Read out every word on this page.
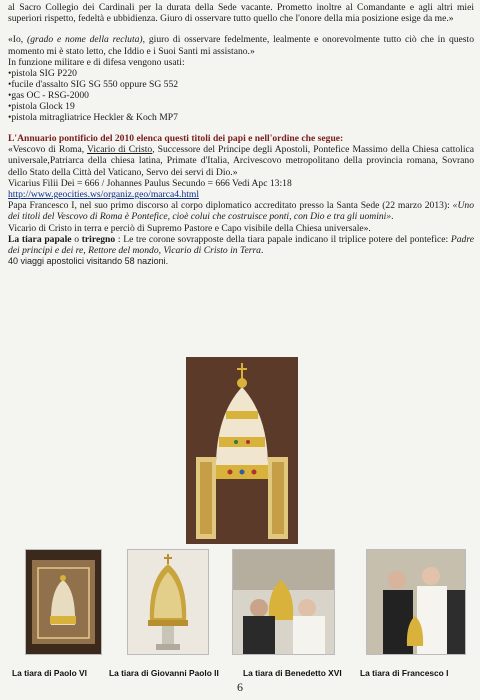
al Sacro Collegio dei Cardinali per la durata della Sede vacante. Prometto inoltre al Comandante e agli altri miei superiori rispetto, fedeltà e ubbidienza. Giuro di osservare tutto quello che l'onore della mia posizione esige da me.»

«Io, (grado e nome della recluta), giuro di osservare fedelmente, lealmente e onorevolmente tutto ciò che in questo momento mi è stato letto, che Iddio e i Suoi Santi mi assistano.»

In funzione militare e di difesa vengono usati:

•pistola SIG P220
•fucile d'assalto SIG SG 550 oppure SG 552
•gas OC - RSG-2000
•pistola Glock 19
•pistola mitragliatrice Heckler & Koch MP7

L'Annuario pontificio del 2010 elenca questi titoli dei papi e nell'ordine che segue:

«Vescovo di Roma, Vicario di Cristo, Successore del Principe degli Apostoli, Pontefice Massimo della Chiesa cattolica universale,Patriarca della chiesa latina, Primate d'Italia, Arcivescovo metropolitano della provincia romana, Sovrano dello Stato della Città del Vaticano, Servo dei servi di Dio.»

Vicarius Filii Dei = 666 / Johannes Paulus Secundo = 666 Vedi Apc 13:18

http://www.geocities.ws/organiz.geo/marca4.html

Papa Francesco I, nel suo primo discorso al corpo diplomatico accreditato presso la Santa Sede (22 marzo 2013): «Uno dei titoli del Vescovo di Roma è Pontefice, cioè colui che costruisce ponti, con Dio e tra gli uomini».

Vicario di Cristo in terra e perciò di Supremo Pastore e Capo visibile della Chiesa universale».

La tiara papale o triregno : Le tre corone sovrapposte della tiara papale indicano il triplice potere del pontefice: Padre dei principi e dei re, Rettore del mondo, Vicario di Cristo in Terra.

40 viaggi apostolici visitando 58 nazioni.

La tiara di Paolo VI	La tiara di Giovanni Paolo II	La tiara di Benedetto XVI La tiara di Francesco I
6
